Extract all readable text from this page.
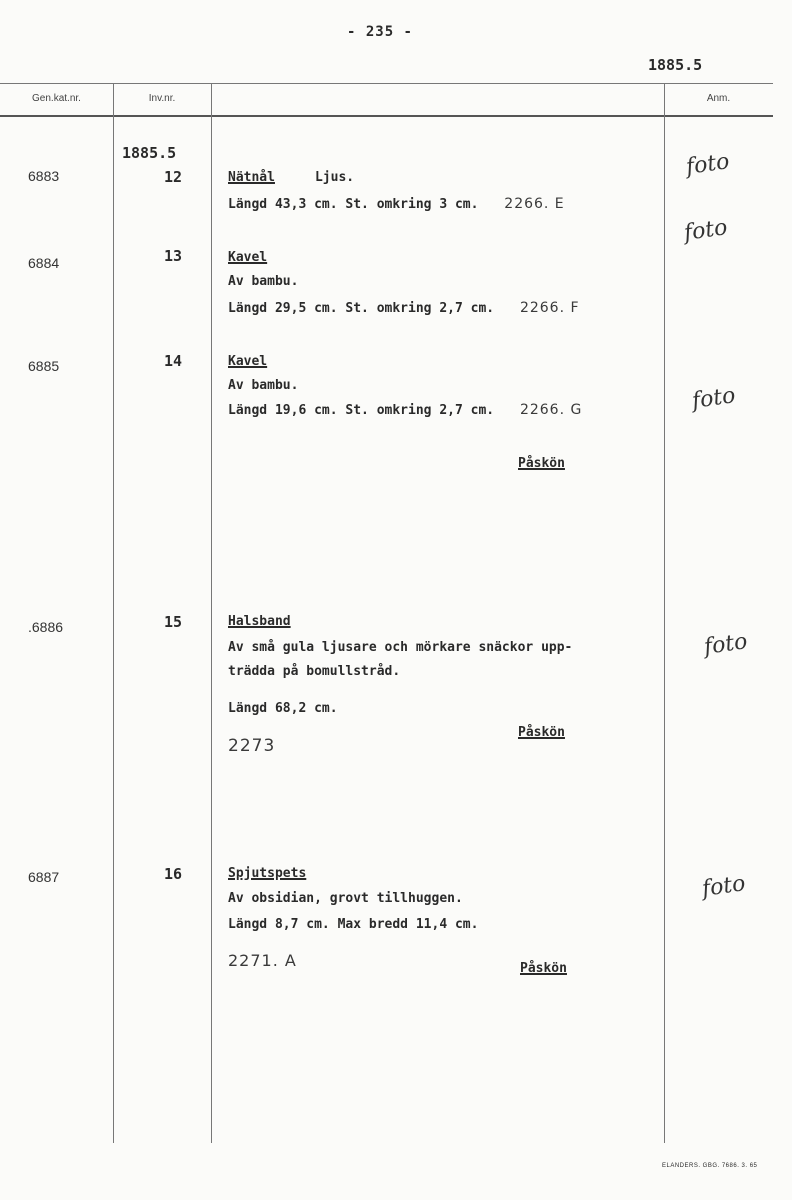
- 235 -
1885.5
Gen.kat.nr.	Inv.nr.	Anm.
1885.5
6883	12	Nätnål	Ljus.
Längd 43,3 cm. St. omkring 3 cm. 2266. E
foto
6884	13	Kavel
Av bambu.
Längd 29,5 cm. St. omkring 2,7 cm. 2266. F
foto
6885	14	Kavel
Av bambu.
Längd 19,6 cm. St. omkring 2,7 cm. 2266. G
Påskön
foto
.6886	15	Halsband
Av små gula ljusare och mörkare snäckor upp-
trädda på bomullstråd.
Längd 68,2 cm.
2273
Påskön
foto
6887	16	Spjutspets
Av obsidian, grovt tillhuggen.
Längd 8,7 cm. Max bredd 11,4 cm.
2271. A	Påskön
foto
ELANDERS. GBG. 7686. 3. 65
